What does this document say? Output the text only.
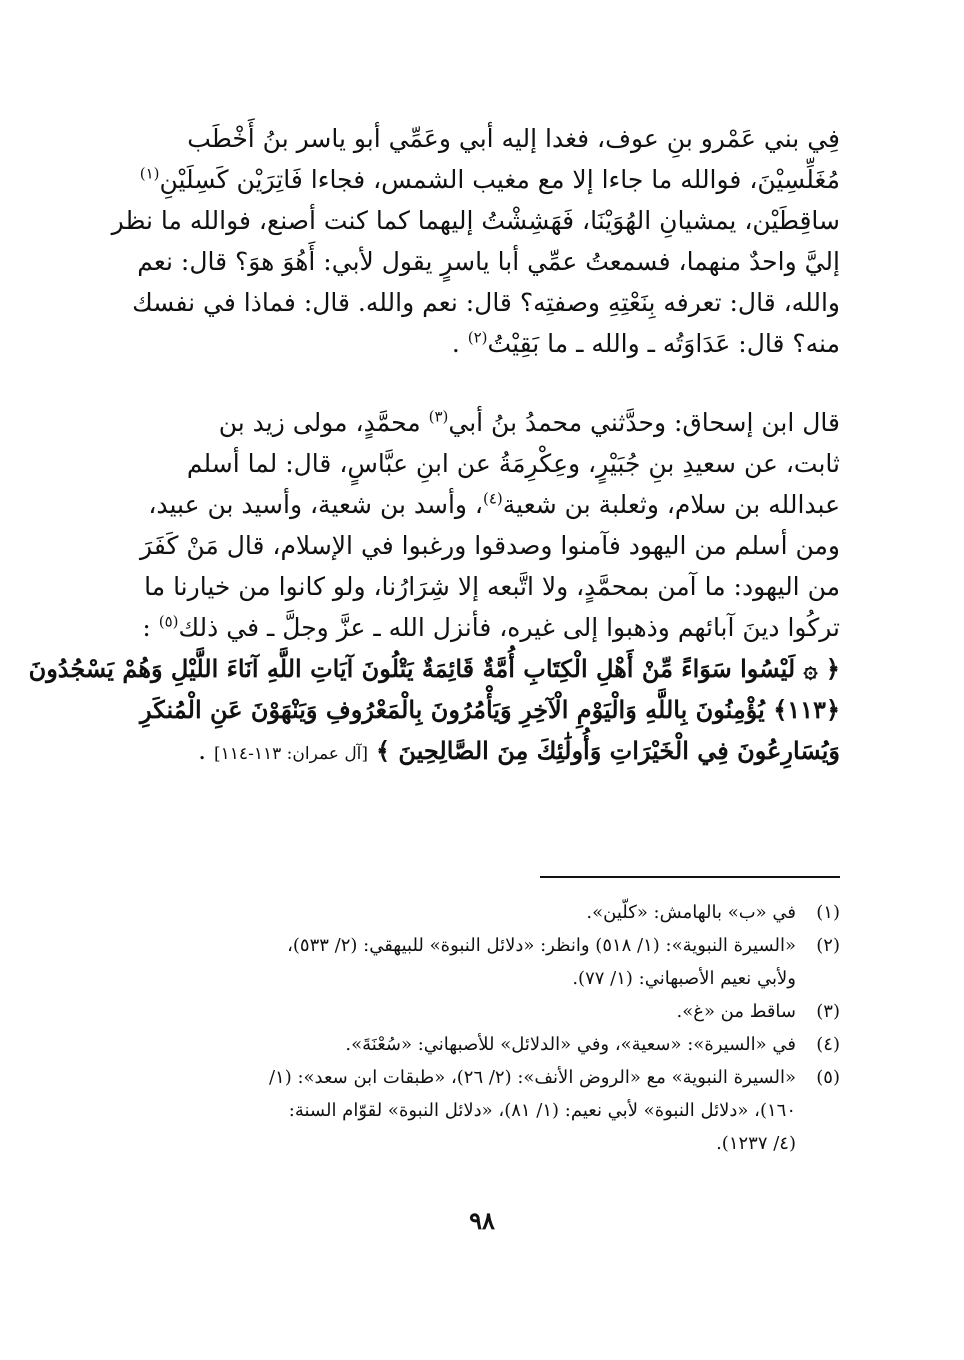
فِي بني عَمْرو بنِ عوف، فغدا إليه أبي وعَمِّي أبو ياسر بنُ أَخْطَب
مُغَلِّسِيْنَ، فوالله ما جاءا إلا مع مغيب الشمس، فجاءا فَاتِرَيْن كَسِلَيْنِ$^{(١)}$
ساقِطَيْن، يمشيانِ الهُوَيْنَا، فَهَشِشْتُ إليهما كما كنت أصنع، فوالله ما نظر
إليَّ واحدٌ منهما، فسمعتُ عمِّي أبا ياسرٍ يقول لأبي: أَهُوَ هوَ؟ قال: نعم
والله، قال: تعرفه بِنَعْتِهِ وصفتِه؟ قال: نعم والله. قال: فماذا في نفسك
منه؟ قال: عَدَاوَتُه ـ والله ـ ما بَقِيْتُ$^{(٢)}$ .

قال ابن إسحاق: وحدَّثني محمدُ بنُ أبي$^{(٣)}$ محمَّدٍ، مولى زيد بن
ثابت، عن سعيدِ بنِ جُبَيْرٍ، وعِكْرِمَةُ عن ابنِ عبَّاسٍ، قال: لما أسلم
عبدالله بن سلام، وثعلبة بن شعية$^{(٤)}$، وأسد بن شعية، وأسيد بن عبيد،
ومن أسلم من اليهود فآمنوا وصدقوا ورغبوا في الإسلام، قال مَنْ كَفَرَ
من اليهود: ما آمن بمحمَّدٍ، ولا اتَّبعه إلا شِرَارُنا، ولو كانوا من خيارنا ما
تركُوا دينَ آبائهم وذهبوا إلى غيره، فأنزل الله ـ عزَّ وجلَّ ـ في ذلك$^{(٥)}$ :
﴿ ۞ لَيْسُوا سَوَاءً مِّنْ أَهْلِ الْكِتَابِ أُمَّةٌ قَائِمَةٌ يَتْلُونَ آيَاتِ اللَّهِ آنَاءَ اللَّيْلِ وَهُمْ يَسْجُدُونَ
﴿١١٣﴾ يُؤْمِنُونَ بِاللَّهِ وَالْيَوْمِ الْآخِرِ وَيَأْمُرُونَ بِالْمَعْرُوفِ وَيَنْهَوْنَ عَنِ الْمُنكَرِ
وَيُسَارِعُونَ فِي الْخَيْرَاتِ وَأُولَٰئِكَ مِنَ الصَّالِحِينَ ﴾ [آل عمران: ١١٣-١١٤] .

(١)
في «ب» بالهامش: «كلّين».
(٢)
«السيرة النبوية»: (١/ ٥١٨) وانظر: «دلائل النبوة» للبيهقي: (٢/ ٥٣٣)،
ولأبي نعيم الأصبهاني: (١/ ٧٧).
(٣)
ساقط من «غ».
(٤)
في «السيرة»: «سعية»، وفي «الدلائل» للأصبهاني: «سُعْنَةَ».
(٥)
«السيرة النبوية» مع «الروض الأنف»: (٢/ ٢٦)، «طبقات ابن سعد»: (١/
١٦٠)، «دلائل النبوة» لأبي نعيم: (١/ ٨١)، «دلائل النبوة» لقوّام السنة:
(٤/ ١٢٣٧).
٩٨
